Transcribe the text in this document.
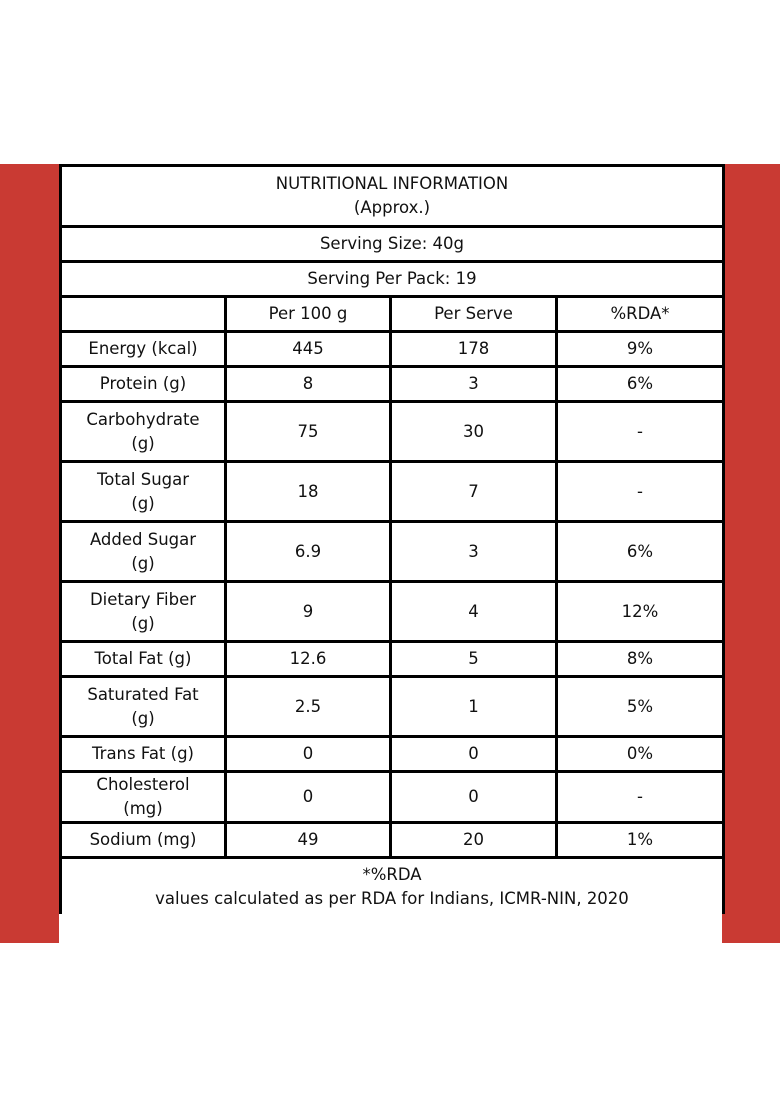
NUTRITIONAL INFORMATION
(Approx.)			

Serving Size: 40g			
Serving Per Pack: 19			
	Per 100 g	Per Serve	%RDA*
Energy (kcal)	445	178	9%
Protein (g)	8	3	6%
Carbohydrate (g)	75	30	-
Total Sugar (g)	18	7	-
Added Sugar (g)	6.9	3	6%
Dietary Fiber (g)	9	4	12%
Total Fat (g)	12.6	5	8%
Saturated Fat (g)	2.5	1	5%
Trans Fat (g)	0	0	0%
Cholesterol (mg)	0	0	-
Sodium (mg)	49	20	1%

*%RDA
values calculated as per RDA for Indians, ICMR-NIN, 2020			
